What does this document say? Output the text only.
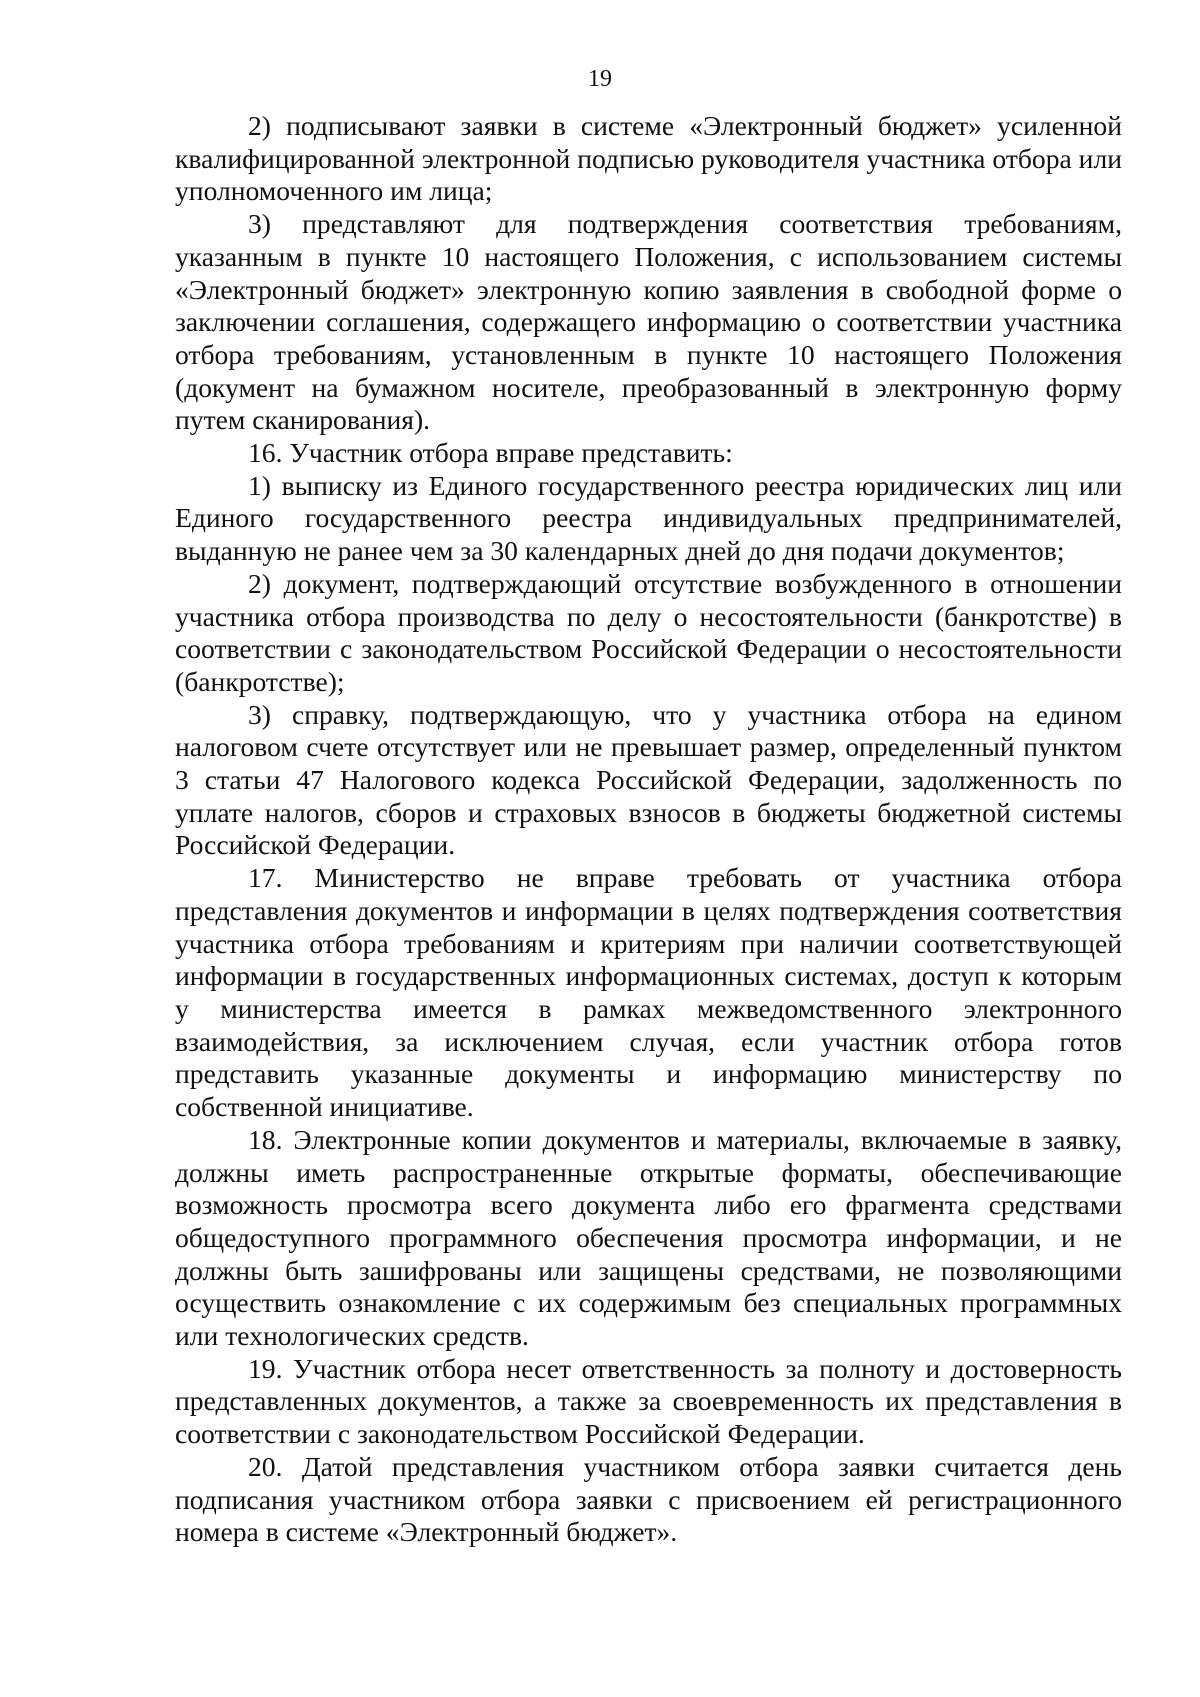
19

2) подписывают заявки в системе «Электронный бюджет» усиленной квалифицированной электронной подписью руководителя участника отбора или уполномоченного им лица;

3) представляют для подтверждения соответствия требованиям, указанным в пункте 10 настоящего Положения, с использованием системы «Электронный бюджет» электронную копию заявления в свободной форме о заключении соглашения, содержащего информацию о соответствии участника отбора требованиям, установленным в пункте 10 настоящего Положения (документ на бумажном носителе, преобразованный в электронную форму путем сканирования).

16. Участник отбора вправе представить:

1) выписку из Единого государственного реестра юридических лиц или Единого государственного реестра индивидуальных предпринимателей, выданную не ранее чем за 30 календарных дней до дня подачи документов;

2) документ, подтверждающий отсутствие возбужденного в отношении участника отбора производства по делу о несостоятельности (банкротстве) в соответствии с законодательством Российской Федерации о несостоятельности (банкротстве);

3) справку, подтверждающую, что у участника отбора на едином налоговом счете отсутствует или не превышает размер, определенный пунктом 3 статьи 47 Налогового кодекса Российской Федерации, задолженность по уплате налогов, сборов и страховых взносов в бюджеты бюджетной системы Российской Федерации.

17. Министерство не вправе требовать от участника отбора представления документов и информации в целях подтверждения соответствия участника отбора требованиям и критериям при наличии соответствующей информации в государственных информационных системах, доступ к которым у министерства имеется в рамках межведомственного электронного взаимодействия, за исключением случая, если участник отбора готов представить указанные документы и информацию министерству по собственной инициативе.

18. Электронные копии документов и материалы, включаемые в заявку, должны иметь распространенные открытые форматы, обеспечивающие возможность просмотра всего документа либо его фрагмента средствами общедоступного программного обеспечения просмотра информации, и не должны быть зашифрованы или защищены средствами, не позволяющими осуществить ознакомление с их содержимым без специальных программных или технологических средств.

19. Участник отбора несет ответственность за полноту и достоверность представленных документов, а также за своевременность их представления в соответствии с законодательством Российской Федерации.

20. Датой представления участником отбора заявки считается день подписания участником отбора заявки с присвоением ей регистрационного номера в системе «Электронный бюджет».
